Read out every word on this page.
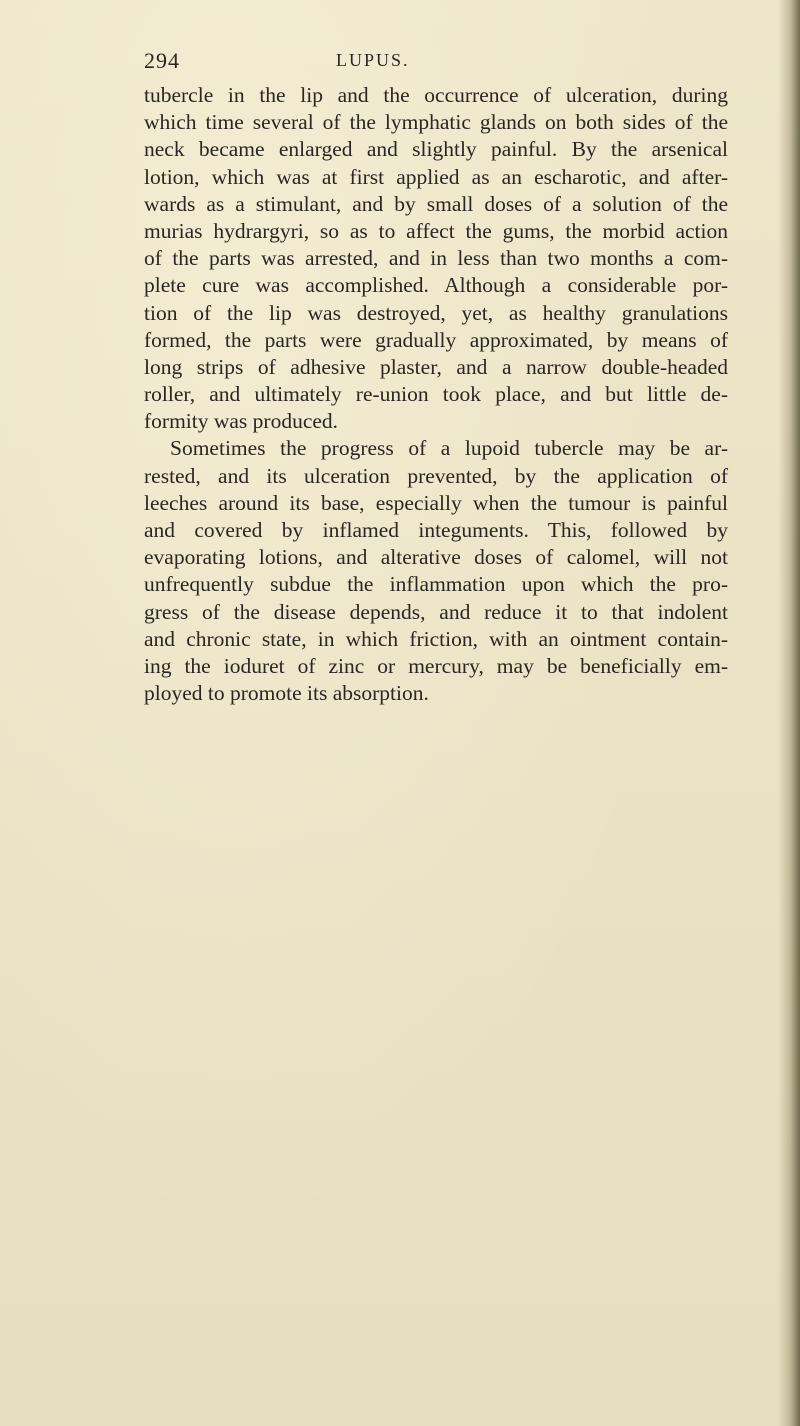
294	LUPUS.
tubercle in the lip and the occurrence of ulceration, during
which time several of the lymphatic glands on both sides of the
neck became enlarged and slightly painful. By the arsenical
lotion, which was at first applied as an escharotic, and after-
wards as a stimulant, and by small doses of a solution of the
murias hydrargyri, so as to affect the gums, the morbid action
of the parts was arrested, and in less than two months a com-
plete cure was accomplished. Although a considerable por-
tion of the lip was destroyed, yet, as healthy granulations
formed, the parts were gradually approximated, by means of
long strips of adhesive plaster, and a narrow double-headed
roller, and ultimately re-union took place, and but little de-
formity was produced.
Sometimes the progress of a lupoid tubercle may be ar-
rested, and its ulceration prevented, by the application of
leeches around its base, especially when the tumour is painful
and covered by inflamed integuments. This, followed by
evaporating lotions, and alterative doses of calomel, will not
unfrequently subdue the inflammation upon which the pro-
gress of the disease depends, and reduce it to that indolent
and chronic state, in which friction, with an ointment contain-
ing the ioduret of zinc or mercury, may be beneficially em-
ployed to promote its absorption.
